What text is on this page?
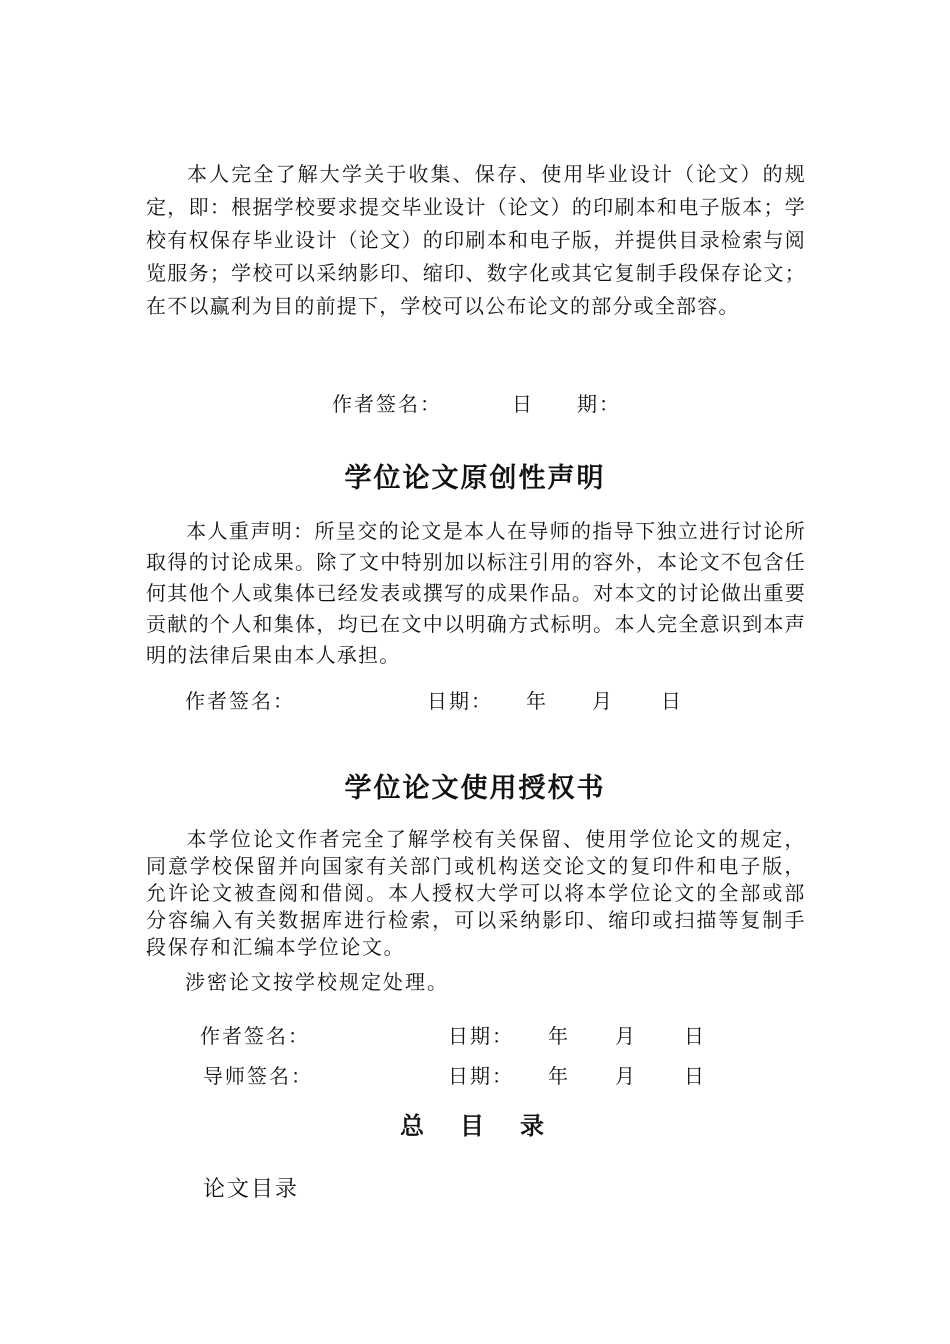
本人完全了解大学关于收集、保存、使用毕业设计（论文）的规定，即：根据学校要求提交毕业设计（论文）的印刷本和电子版本；学校有权保存毕业设计（论文）的印刷本和电子版，并提供目录检索与阅览服务；学校可以采纳影印、缩印、数字化或其它复制手段保存论文；在不以赢利为目的前提下，学校可以公布论文的部分或全部容。

作者签名：	日 期：
学位论文原创性声明

本人重声明：所呈交的论文是本人在导师的指导下独立进行讨论所取得的讨论成果。除了文中特别加以标注引用的容外，本论文不包含任何其他个人或集体已经发表或撰写的成果作品。对本文的讨论做出重要贡献的个人和集体，均已在文中以明确方式标明。本人完全意识到本声明的法律后果由本人承担。

作者签名：	日期： 年 月 日
学位论文使用授权书

本学位论文作者完全了解学校有关保留、使用学位论文的规定，同意学校保留并向国家有关部门或机构送交论文的复印件和电子版，允许论文被查阅和借阅。本人授权大学可以将本学位论文的全部或部分容编入有关数据库进行检索，可以采纳影印、缩印或扫描等复制手段保存和汇编本学位论文。

涉密论文按学校规定处理。
作者签名：	日期： 年 月 日
导师签名：	日期： 年 月 日
总　目　录
论文目录
